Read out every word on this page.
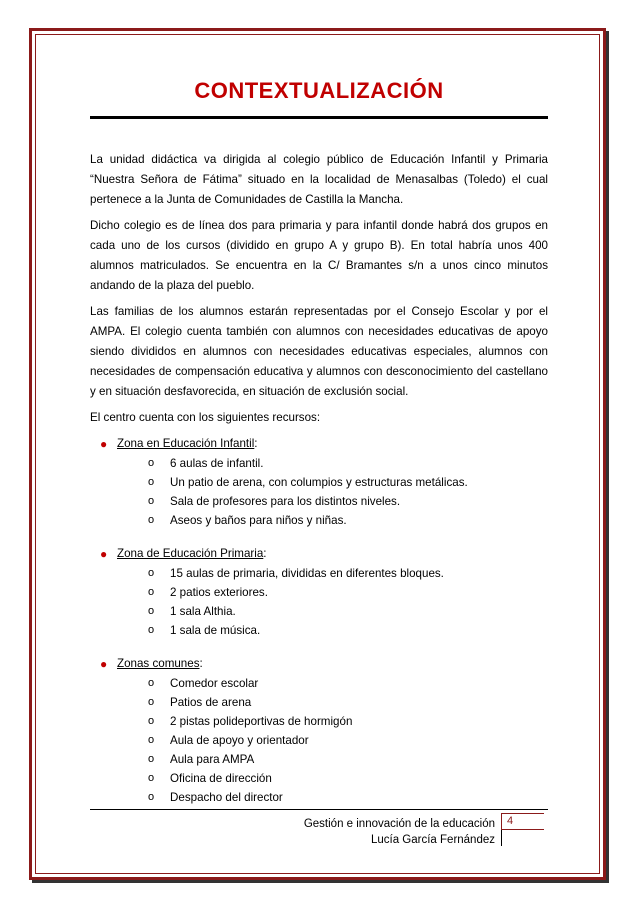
CONTEXTUALIZACIÓN

La unidad didáctica va dirigida al colegio público de Educación Infantil y Primaria “Nuestra Señora de Fátima” situado en la localidad de Menasalbas (Toledo) el cual pertenece a la Junta de Comunidades de Castilla la Mancha.

Dicho colegio es de línea dos para primaria y para infantil donde habrá dos grupos en cada uno de los cursos (dividido en grupo A y grupo B). En total habría unos 400 alumnos matriculados. Se encuentra en la C/ Bramantes s/n a unos cinco minutos andando de la plaza del pueblo.

Las familias de los alumnos estarán representadas por el Consejo Escolar y por el AMPA. El colegio cuenta también con alumnos con necesidades educativas de apoyo siendo divididos en alumnos con necesidades educativas especiales, alumnos con necesidades de compensación educativa y alumnos con desconocimiento del castellano y en situación desfavorecida, en situación de exclusión social.

El centro cuenta con los siguientes recursos:

● Zona en Educación Infantil:
o 6 aulas de infantil.
o Un patio de arena, con columpios y estructuras metálicas.
o Sala de profesores para los distintos niveles.
o Aseos y baños para niños y niñas.
● Zona de Educación Primaria:
o 15 aulas de primaria, divididas en diferentes bloques.
o 2 patios exteriores.
o 1 sala Althia.
o 1 sala de música.
● Zonas comunes:
o Comedor escolar
o Patios de arena
o 2 pistas polideportivas de hormigón
o Aula de apoyo y orientador
o Aula para AMPA
o Oficina de dirección
o Despacho del director
Gestión e innovación de la educación
Lucía García Fernández
4
